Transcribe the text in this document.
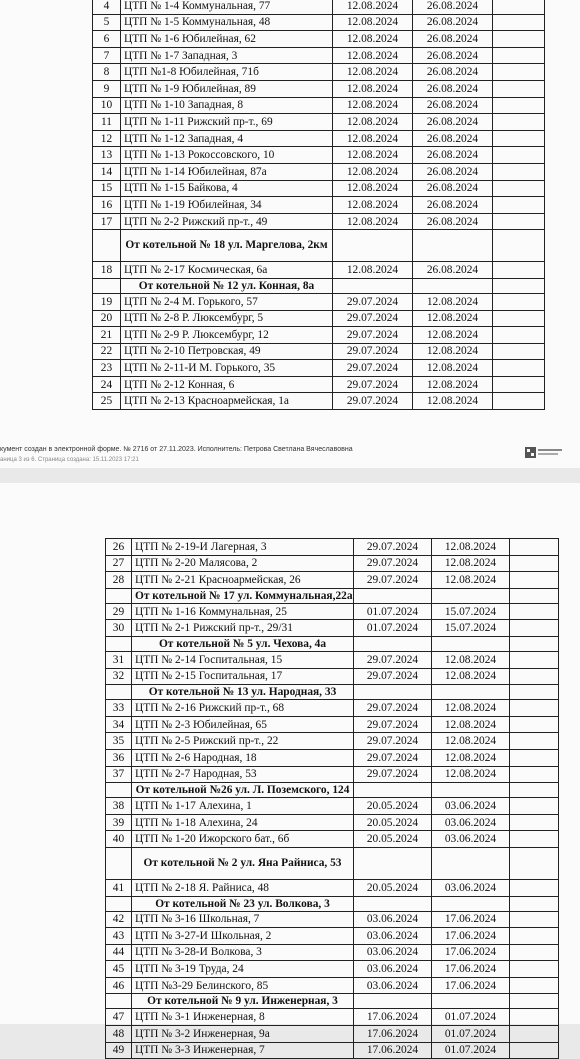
4	ЦТП № 1-4 Коммунальная, 77	12.08.2024	26.08.2024	
5	ЦТП № 1-5 Коммунальная, 48	12.08.2024	26.08.2024	
6	ЦТП № 1-6 Юбилейная, 62	12.08.2024	26.08.2024	
7	ЦТП № 1-7 Западная, 3	12.08.2024	26.08.2024	
8	ЦТП №1-8 Юбилейная, 71б	12.08.2024	26.08.2024	
9	ЦТП № 1-9 Юбилейная, 89	12.08.2024	26.08.2024	
10	ЦТП № 1-10 Западная, 8	12.08.2024	26.08.2024	
11	ЦТП № 1-11 Рижский пр-т., 69	12.08.2024	26.08.2024	
12	ЦТП № 1-12 Западная, 4	12.08.2024	26.08.2024	
13	ЦТП № 1-13 Рокоссовского, 10	12.08.2024	26.08.2024	
14	ЦТП № 1-14 Юбилейная, 87а	12.08.2024	26.08.2024	
15	ЦТП № 1-15 Байкова, 4	12.08.2024	26.08.2024	
16	ЦТП № 1-19 Юбилейная, 34	12.08.2024	26.08.2024	
17	ЦТП № 2-2 Рижский пр-т., 49	12.08.2024	26.08.2024	
	От котельной № 18 ул. Маргелова, 2км			
18	ЦТП № 2-17 Космическая, 6а	12.08.2024	26.08.2024	
	От котельной № 12 ул. Конная, 8а			
19	ЦТП № 2-4 М. Горького, 57	29.07.2024	12.08.2024	
20	ЦТП № 2-8 Р. Люксембург, 5	29.07.2024	12.08.2024	
21	ЦТП № 2-9 Р. Люксембург, 12	29.07.2024	12.08.2024	
22	ЦТП № 2-10 Петровская, 49	29.07.2024	12.08.2024	
23	ЦТП № 2-11-И М. Горького, 35	29.07.2024	12.08.2024	
24	ЦТП № 2-12 Конная, 6	29.07.2024	12.08.2024	
25	ЦТП № 2-13 Красноармейская, 1а	29.07.2024	12.08.2024	
кумент создан в электронной форме. № 2716 от 27.11.2023. Исполнитель: Петрова Светлана Вячеславовна
аница 3 из 6. Страница создана: 15.11.2023 17:21
26	ЦТП № 2-19-И Лагерная, 3	29.07.2024	12.08.2024	
27	ЦТП № 2-20 Малясова, 2	29.07.2024	12.08.2024	
28	ЦТП № 2-21 Красноармейская, 26	29.07.2024	12.08.2024	
	От котельной № 17 ул. Коммунальная,22а			
29	ЦТП № 1-16 Коммунальная, 25	01.07.2024	15.07.2024	
30	ЦТП № 2-1 Рижский пр-т., 29/31	01.07.2024	15.07.2024	
	От котельной № 5 ул. Чехова, 4а			
31	ЦТП № 2-14 Госпитальная, 15	29.07.2024	12.08.2024	
32	ЦТП № 2-15 Госпитальная, 17	29.07.2024	12.08.2024	
	От котельной № 13 ул. Народная, 33			
33	ЦТП № 2-16 Рижский пр-т., 68	29.07.2024	12.08.2024	
34	ЦТП № 2-3 Юбилейная, 65	29.07.2024	12.08.2024	
35	ЦТП № 2-5 Рижский пр-т., 22	29.07.2024	12.08.2024	
36	ЦТП № 2-6 Народная, 18	29.07.2024	12.08.2024	
37	ЦТП № 2-7 Народная, 53	29.07.2024	12.08.2024	
	От котельной №26 ул. Л. Поземского, 124			
38	ЦТП № 1-17 Алехина, 1	20.05.2024	03.06.2024	
39	ЦТП № 1-18 Алехина, 24	20.05.2024	03.06.2024	
40	ЦТП № 1-20 Ижорского бат., 6б	20.05.2024	03.06.2024	
	От котельной № 2 ул. Яна Райниса, 53			
41	ЦТП № 2-18 Я. Райниса, 48	20.05.2024	03.06.2024	
	От котельной № 23 ул. Волкова, 3			
42	ЦТП № 3-16 Школьная, 7	03.06.2024	17.06.2024	
43	ЦТП № 3-27-И Школьная, 2	03.06.2024	17.06.2024	
44	ЦТП № 3-28-И Волкова, 3	03.06.2024	17.06.2024	
45	ЦТП № 3-19 Труда, 24	03.06.2024	17.06.2024	
46	ЦТП №3-29 Белинского, 85	03.06.2024	17.06.2024	
	От котельной № 9 ул. Инженерная, 3			
47	ЦТП № 3-1 Инженерная, 8	17.06.2024	01.07.2024	
48	ЦТП № 3-2 Инженерная, 9а	17.06.2024	01.07.2024	
49	ЦТП № 3-3 Инженерная, 7	17.06.2024	01.07.2024	
